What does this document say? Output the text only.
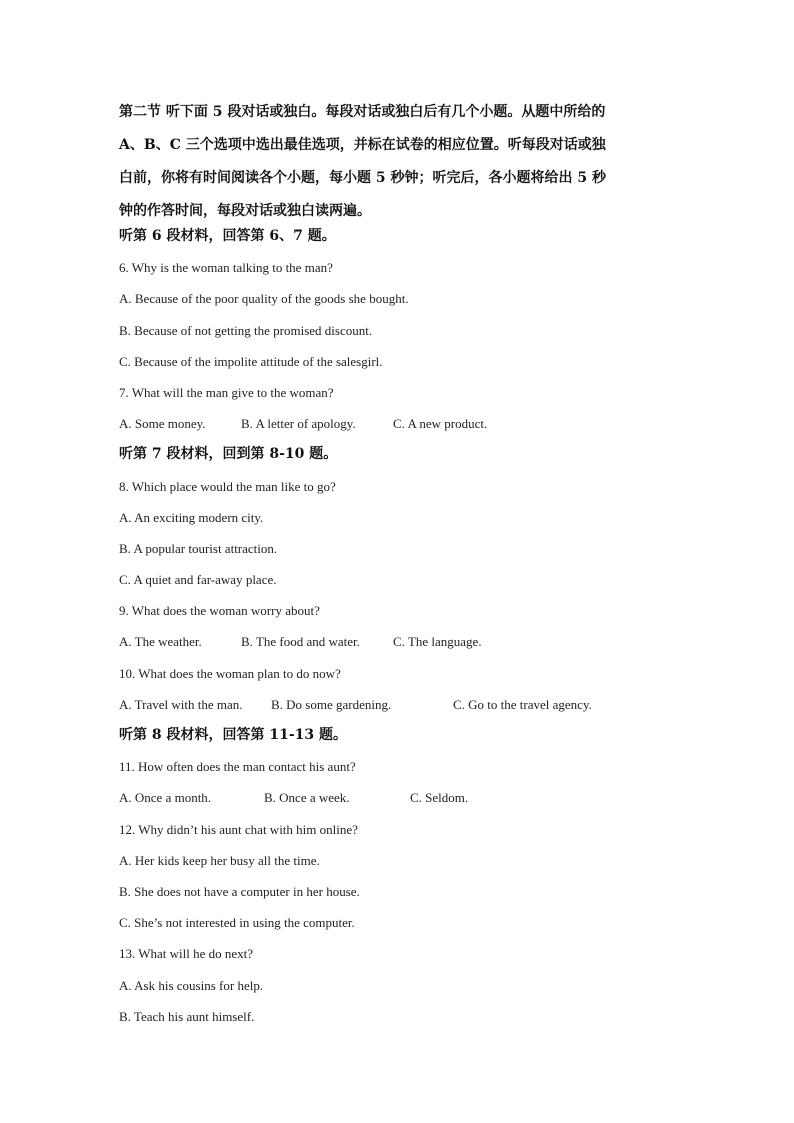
第二节 听下面 5 段对话或独白。每段对话或独白后有几个小题。从题中所给的
A、B、C 三个选项中选出最佳选项，并标在试卷的相应位置。听每段对话或独
白前，你将有时间阅读各个小题，每小题 5 秒钟；听完后，各小题将给出 5 秒
钟的作答时间，每段对话或独白读两遍。
听第 6 段材料，回答第 6、7 题。
6. Why is the woman talking to the man?
A. Because of the poor quality of the goods she bought.
B. Because of not getting the promised discount.
C. Because of the impolite attitude of the salesgirl.
7. What will the man give to the woman?
A. Some money.	B. A letter of apology.	C. A new product.
听第 7 段材料，回到第 8-10 题。
8. Which place would the man like to go?
A. An exciting modern city.
B. A popular tourist attraction.
C. A quiet and far-away place.
9. What does the woman worry about?
A. The weather.	B. The food and water.	C. The language.
10. What does the woman plan to do now?
A. Travel with the man.	B. Do some gardening.	C. Go to the travel agency.
听第 8 段材料，回答第 11-13 题。
11. How often does the man contact his aunt?
A. Once a month.	B. Once a week.	C. Seldom.
12. Why didn’t his aunt chat with him online?
A. Her kids keep her busy all the time.
B. She does not have a computer in her house.
C. She’s not interested in using the computer.
13. What will he do next?
A. Ask his cousins for help.
B. Teach his aunt himself.
